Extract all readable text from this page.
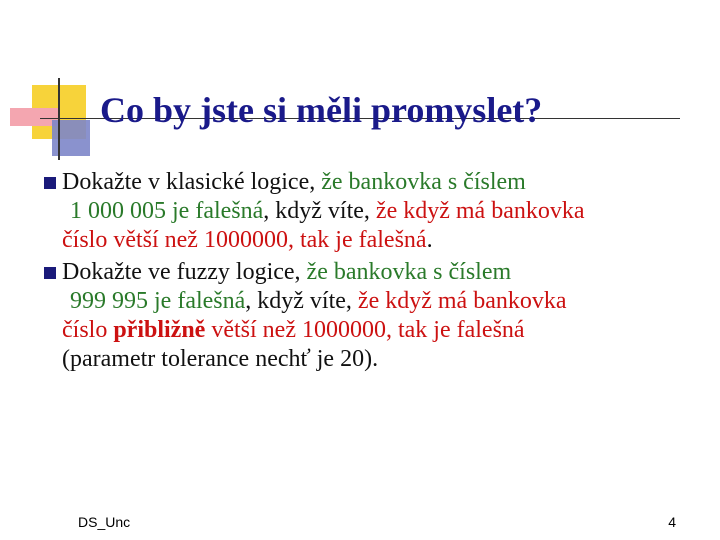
Co by jste si měli promyslet?
Dokažte v klasické logice, že bankovka s číslem
1 000 005 je falešná, když víte, že když má bankovka
číslo větší než 1000000, tak je falešná.
Dokažte ve fuzzy logice, že bankovka s číslem
999 995 je falešná, když víte, že když má bankovka
číslo přibližně větší než 1000000, tak je falešná
(parametr tolerance nechť je 20).
DS_Unc	4
